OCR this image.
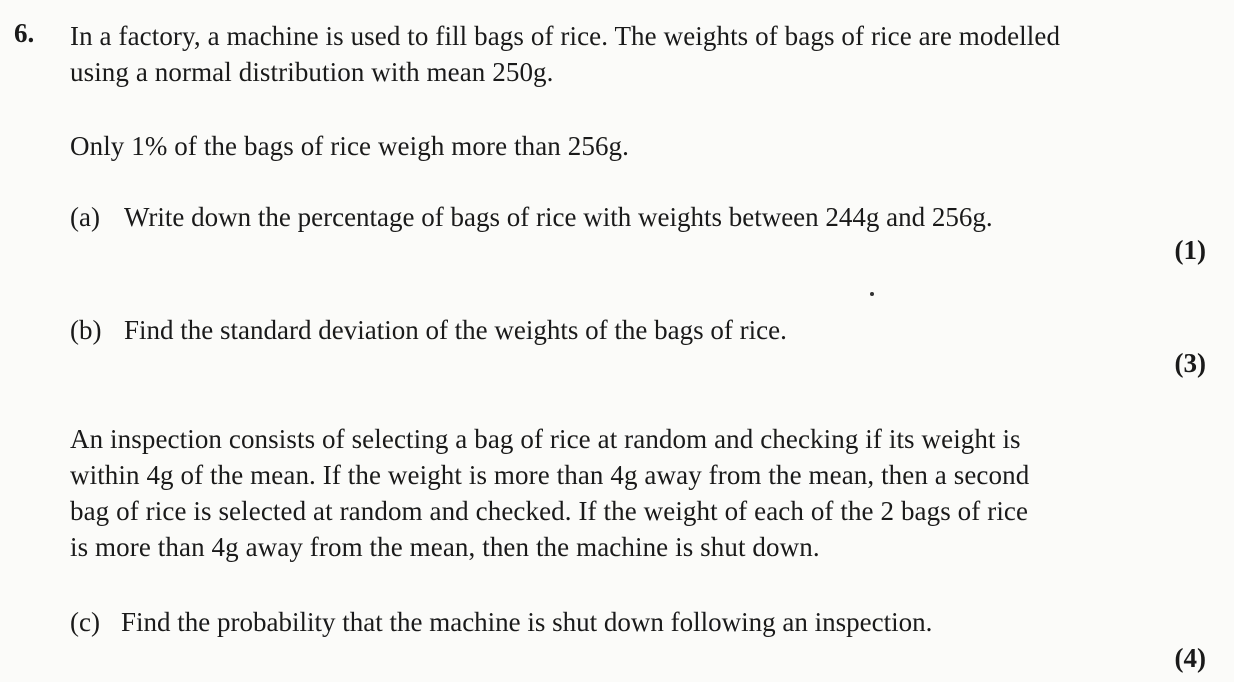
6. In a factory, a machine is used to fill bags of rice. The weights of bags of rice are modelled
using a normal distribution with mean 250g.
Only 1% of the bags of rice weigh more than 256g.
(a) Write down the percentage of bags of rice with weights between 244g and 256g.
(1)
(b) Find the standard deviation of the weights of the bags of rice.
(3)
An inspection consists of selecting a bag of rice at random and checking if its weight is
within 4g of the mean. If the weight is more than 4g away from the mean, then a second
bag of rice is selected at random and checked. If the weight of each of the 2 bags of rice
is more than 4g away from the mean, then the machine is shut down.
(c) Find the probability that the machine is shut down following an inspection.
(4)
